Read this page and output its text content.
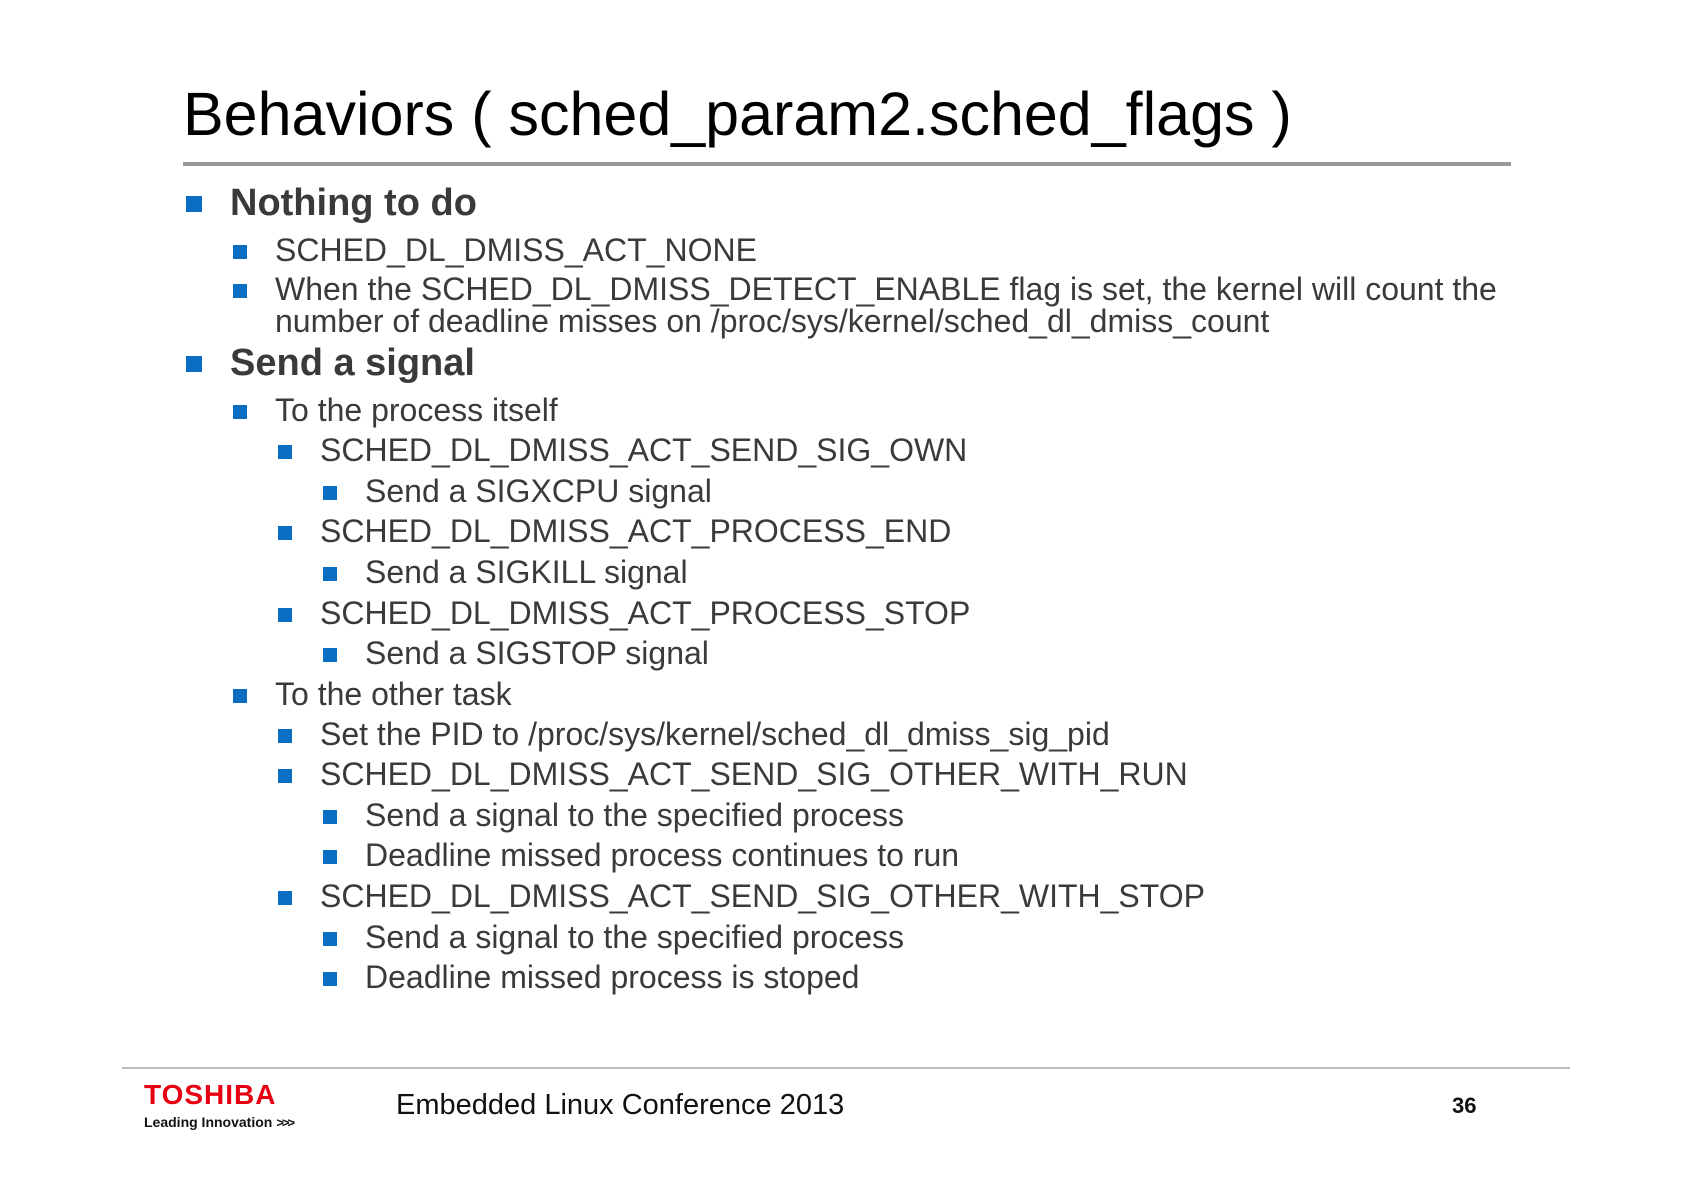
Behaviors ( sched_param2.sched_flags )
Nothing to do
SCHED_DL_DMISS_ACT_NONE
When the SCHED_DL_DMISS_DETECT_ENABLE flag is set, the kernel will count the
number of deadline misses on /proc/sys/kernel/sched_dl_dmiss_count
Send a signal
To the process itself
SCHED_DL_DMISS_ACT_SEND_SIG_OWN
Send a SIGXCPU signal
SCHED_DL_DMISS_ACT_PROCESS_END
Send a SIGKILL signal
SCHED_DL_DMISS_ACT_PROCESS_STOP
Send a SIGSTOP signal
To the other task
Set the PID to /proc/sys/kernel/sched_dl_dmiss_sig_pid
SCHED_DL_DMISS_ACT_SEND_SIG_OTHER_WITH_RUN
Send a signal to the specified process
Deadline missed process continues to run
SCHED_DL_DMISS_ACT_SEND_SIG_OTHER_WITH_STOP
Send a signal to the specified process
Deadline missed process is stoped
TOSHIBA
Leading Innovation >>>
Embedded Linux Conference 2013	36
